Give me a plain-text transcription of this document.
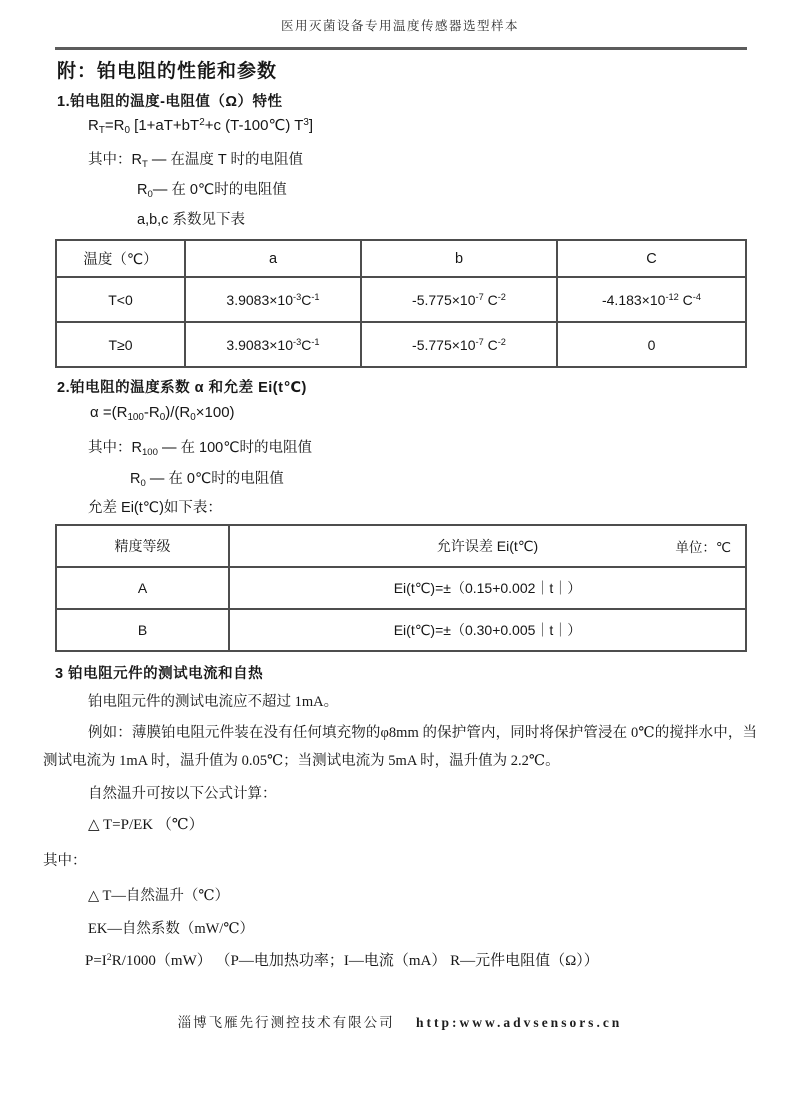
医用灭菌设备专用温度传感器选型样本
附：铂电阻的性能和参数
1.铂电阻的温度-电阻值（Ω）特性
$R_T=R_0$ [$1+aT+bT^2+c$ (T-100℃) $T^3$]
其中：$R_T$ — 在温度 T 时的电阻值
$R_0—$ 在 0℃时的电阻值
a,b,c 系数见下表
温度（℃）	a	b	C
T<0	$3.9083\times 10^{-3}C^{-1}$	$-5.775\times 10^{-7}$ $C^{-2}$	$-4.183\times 10^{-12}$ $C^{-4}$
T≥0	$3.9083\times 10^{-3}C^{-1}$	$-5.775\times 10^{-7}$ $C^{-2}$	0
2.铂电阻的温度系数 α 和允差 Ei(t℃)
$\alpha =(R_{100}-R_0)/(R_0\times 100)$
其中：$R_{100}$ — 在 100℃时的电阻值
$R_0$ — 在 0℃时的电阻值
允差 Ei(t℃)如下表：
精度等级	允许误差 Ei(t℃) 单位：℃

A	Ei(t℃)=±（0.15+0.002｜t｜）
B	Ei(t℃)=±（0.30+0.005｜t｜）
3 铂电阻元件的测试电流和自热
铂电阻元件的测试电流应不超过 1mA。
例如：薄膜铂电阻元件装在没有任何填充物的φ8mm 的保护管内，同时将保护管浸在 0℃的搅拌水中，当测试电流为 1mA 时，温升值为 0.05℃；当测试电流为 5mA 时，温升值为 2.2℃。
自然温升可按以下公式计算：
△ T=P/EK （℃）
其中：
△ T—自然温升（℃）
EK—自然系数（mW/℃）
$P=I^2R/1000(mW)$ （P—电加热功率；I—电流（mA） R—元件电阻值（Ω））
淄博飞雁先行测控技术有限公司 http:www.advsensors.cn
